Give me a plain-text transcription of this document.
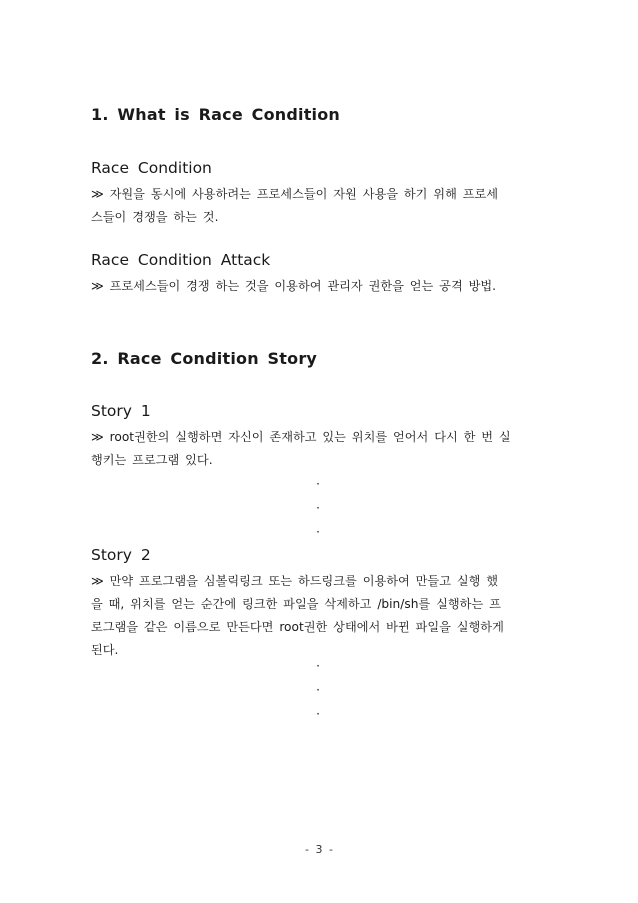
1. What is Race Condition
Race Condition
≫ 자원을 동시에 사용하려는 프로세스들이 자원 사용을 하기 위해 프로세
스들이 경쟁을 하는 것.
Race Condition Attack
≫ 프로세스들이 경쟁 하는 것을 이용하여 관리자 권한을 얻는 공격 방법.
2. Race Condition Story
Story 1
≫ root권한의 실행하면 자신이 존재하고 있는 위치를 얻어서 다시 한 번 실
행키는 프로그램 있다.
·
·
·
Story 2
≫ 만약 프로그램을 심볼릭링크 또는 하드링크를 이용하여 만들고 실행 했
을 때, 위치를 얻는 순간에 링크한 파일을 삭제하고 /bin/sh를 실행하는 프
로그램을 같은 이름으로 만든다면 root권한 상태에서 바뀐 파일을 실행하게
된다.
·
·
·
- 3 -
